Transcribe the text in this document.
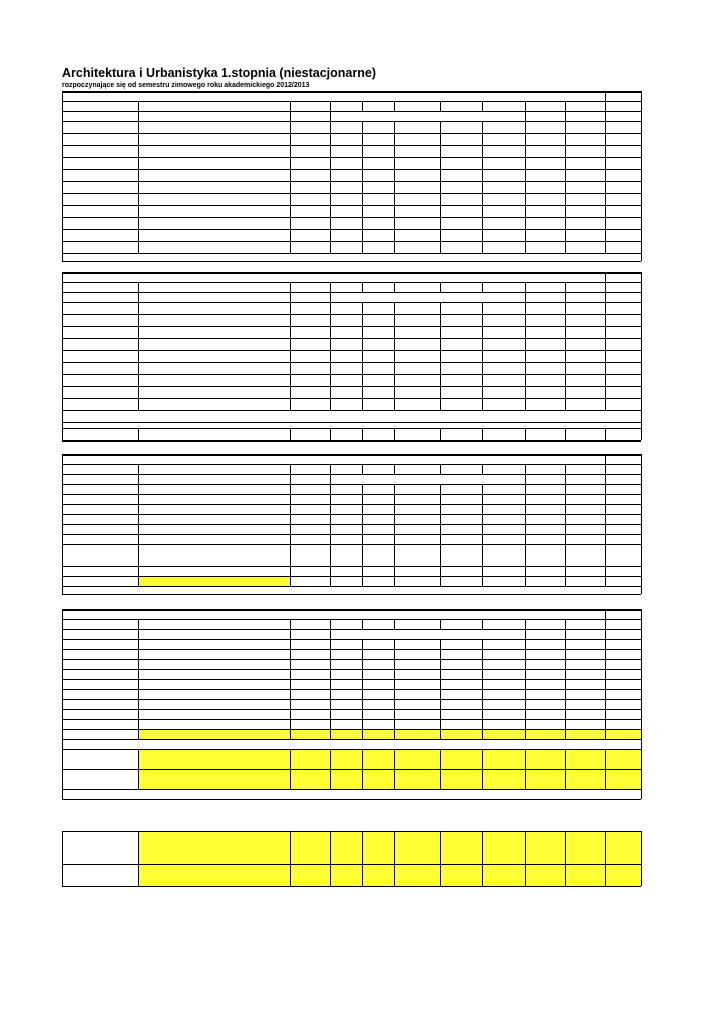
Architektura i Urbanistyka 1.stopnia (niestacjonarne)
rozpoczynające się od semestru zimowego roku akademickiego 2012/2013
